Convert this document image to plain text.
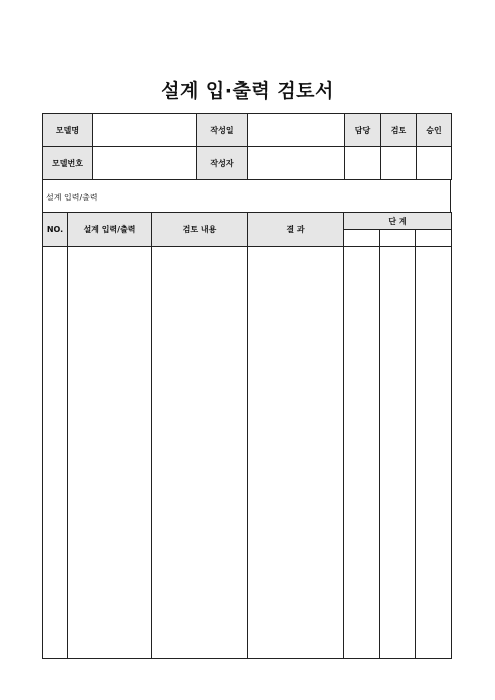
설계 입·출력 검토서
모델명		작성일		담당	검토	승인
모델번호		작성자				
설계 입력/출력
NO.	설계 입력/출력	검토 내용	결 과	단 계		
